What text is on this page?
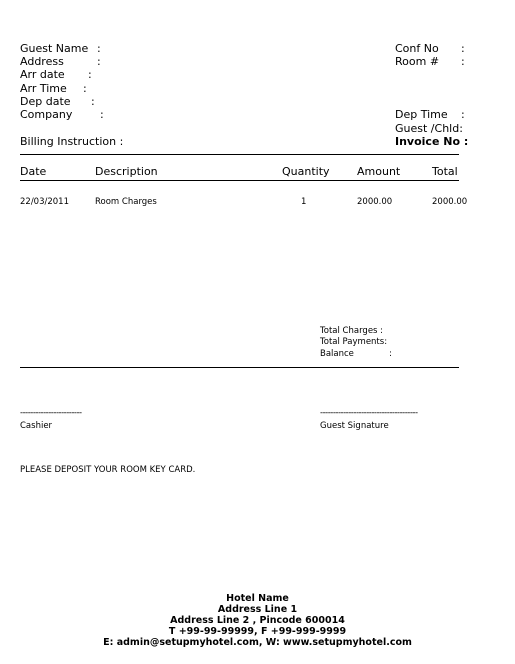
Guest Name :
Address	:
Arr date :
Arr Time :
Dep date :
Company	:
Billing Instruction :
Conf No :
Room # :
Dep Time :
Guest /Chld:
Invoice No :
Date	Description	Quantity Amount	Total
22/03/2011	Room Charges	1	2000.00	2000.00
Total Charges :
Total Payments:
Balance	:
------------------------
Cashier
--------------------------------------
Guest Signature
PLEASE DEPOSIT YOUR ROOM KEY CARD.
Hotel Name
Address Line 1
Address Line 2 , Pincode 600014
T +99-99-99999, F +99-999-9999
E: admin@setupmyhotel.com, W: www.setupmyhotel.com
